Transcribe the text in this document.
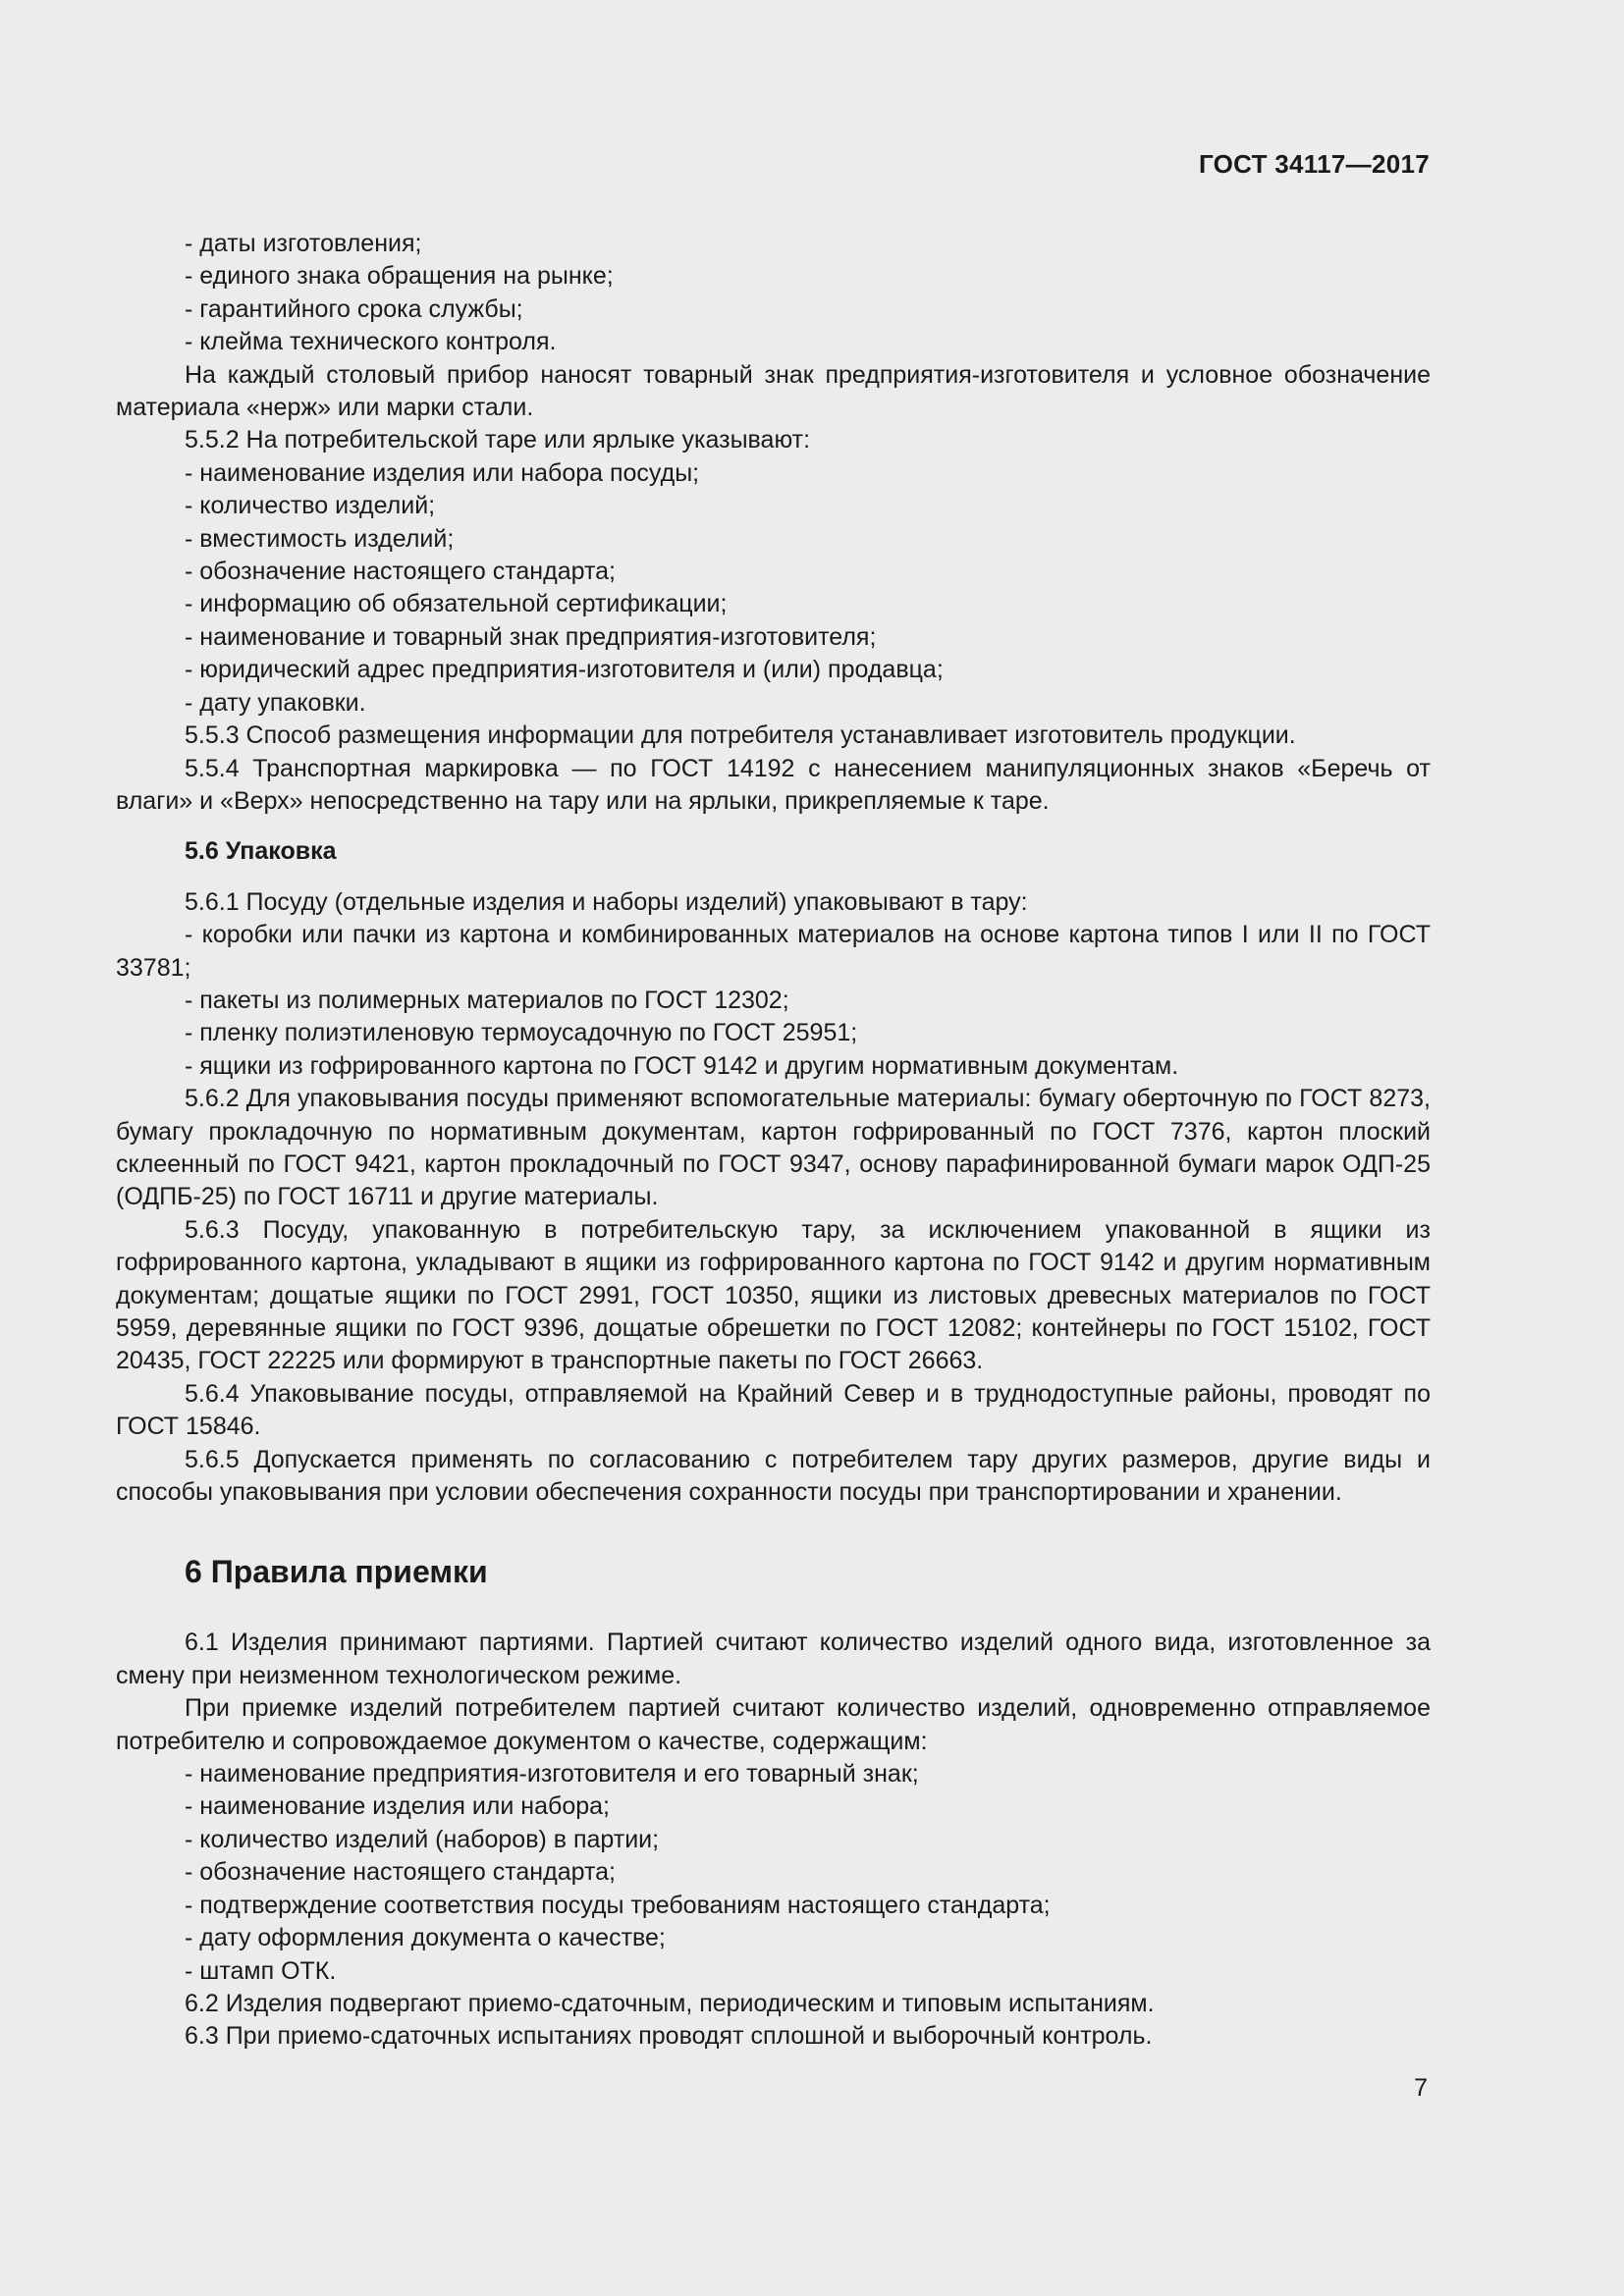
ГОСТ 34117—2017

- даты изготовления;

- единого знака обращения на рынке;

- гарантийного срока службы;

- клейма технического контроля.

На каждый столовый прибор наносят товарный знак предприятия-изготовителя и условное обозначение материала «нерж» или марки стали.

5.5.2 На потребительской таре или ярлыке указывают:

- наименование изделия или набора посуды;

- количество изделий;

- вместимость изделий;

- обозначение настоящего стандарта;

- информацию об обязательной сертификации;

- наименование и товарный знак предприятия-изготовителя;

- юридический адрес предприятия-изготовителя и (или) продавца;

- дату упаковки.

5.5.3 Способ размещения информации для потребителя устанавливает изготовитель продукции.

5.5.4 Транспортная маркировка — по ГОСТ 14192 с нанесением манипуляционных знаков «Беречь от влаги» и «Верх» непосредственно на тару или на ярлыки, прикрепляемые к таре.

5.6 Упаковка

5.6.1 Посуду (отдельные изделия и наборы изделий) упаковывают в тару:

- коробки или пачки из картона и комбинированных материалов на основе картона типов I или II по ГОСТ 33781;

- пакеты из полимерных материалов по ГОСТ 12302;

- пленку полиэтиленовую термоусадочную по ГОСТ 25951;

- ящики из гофрированного картона по ГОСТ 9142 и другим нормативным документам.

5.6.2 Для упаковывания посуды применяют вспомогательные материалы: бумагу оберточную по ГОСТ 8273, бумагу прокладочную по нормативным документам, картон гофрированный по ГОСТ 7376, картон плоский склеенный по ГОСТ 9421, картон прокладочный по ГОСТ 9347, основу парафинированной бумаги марок ОДП-25 (ОДПБ-25) по ГОСТ 16711 и другие материалы.

5.6.3 Посуду, упакованную в потребительскую тару, за исключением упакованной в ящики из гофрированного картона, укладывают в ящики из гофрированного картона по ГОСТ 9142 и другим нормативным документам; дощатые ящики по ГОСТ 2991, ГОСТ 10350, ящики из листовых древесных материалов по ГОСТ 5959, деревянные ящики по ГОСТ 9396, дощатые обрешетки по ГОСТ 12082; контейнеры по ГОСТ 15102, ГОСТ 20435, ГОСТ 22225 или формируют в транспортные пакеты по ГОСТ 26663.

5.6.4 Упаковывание посуды, отправляемой на Крайний Север и в труднодоступные районы, проводят по ГОСТ 15846.

5.6.5 Допускается применять по согласованию с потребителем тару других размеров, другие виды и способы упаковывания при условии обеспечения сохранности посуды при транспортировании и хранении.

6 Правила приемки

6.1 Изделия принимают партиями. Партией считают количество изделий одного вида, изготовленное за смену при неизменном технологическом режиме.

При приемке изделий потребителем партией считают количество изделий, одновременно отправляемое потребителю и сопровождаемое документом о качестве, содержащим:

- наименование предприятия-изготовителя и его товарный знак;

- наименование изделия или набора;

- количество изделий (наборов) в партии;

- обозначение настоящего стандарта;

- подтверждение соответствия посуды требованиям настоящего стандарта;

- дату оформления документа о качестве;

- штамп ОТК.

6.2 Изделия подвергают приемо-сдаточным, периодическим и типовым испытаниям.

6.3 При приемо-сдаточных испытаниях проводят сплошной и выборочный контроль.

7
